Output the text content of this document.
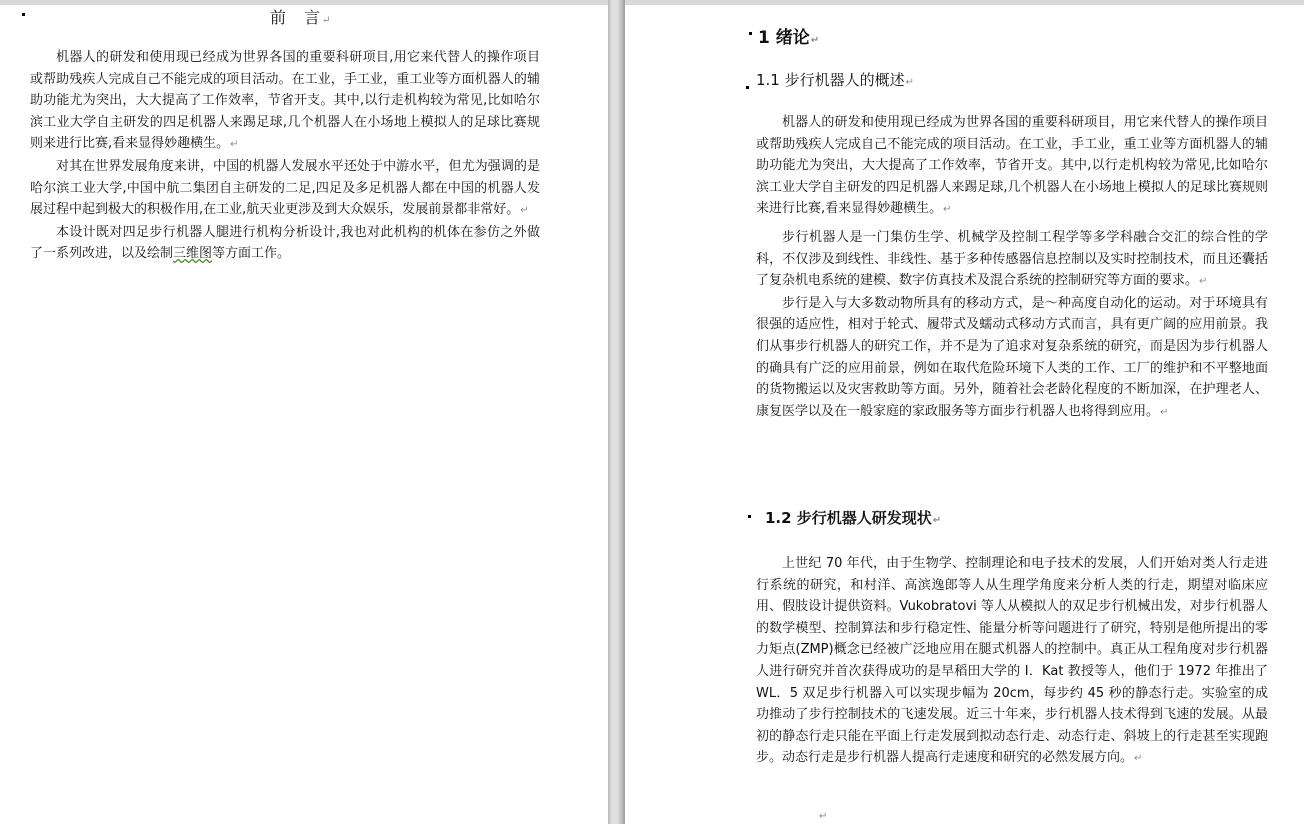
前　言↵

机器人的研发和使用现已经成为世界各国的重要科研项目,用它来代替人的操作项目或帮助残疾人完成自己不能完成的项目活动。在工业，手工业，重工业等方面机器人的辅助功能尤为突出，大大提高了工作效率，节省开支。其中,以行走机构较为常见,比如哈尔滨工业大学自主研发的四足机器人来踢足球,几个机器人在小场地上模拟人的足球比赛规则来进行比赛,看来显得妙趣横生。↵

对其在世界发展角度来讲，中国的机器人发展水平还处于中游水平，但尤为强调的是哈尔滨工业大学,中国中航二集团自主研发的二足,四足及多足机器人都在中国的机器人发展过程中起到极大的积极作用,在工业,航天业更涉及到大众娱乐，发展前景都非常好。↵

本设计既对四足步行机器人腿进行机构分析设计,我也对此机构的机体在参仿之外做了一系列改进，以及绘制三维图等方面工作。

1 绪论↵
1.1 步行机器人的概述↵

机器人的研发和使用现已经成为世界各国的重要科研项目，用它来代替人的操作项目或帮助残疾人完成自己不能完成的项目活动。在工业，手工业，重工业等方面机器人的辅助功能尤为突出，大大提高了工作效率，节省开支。其中,以行走机构较为常见,比如哈尔滨工业大学自主研发的四足机器人来踢足球,几个机器人在小场地上模拟人的足球比赛规则来进行比赛,看来显得妙趣横生。↵

步行机器人是一门集仿生学、机械学及控制工程学等多学科融合交汇的综合性的学科，不仅涉及到线性、非线性、基于多种传感器信息控制以及实时控制技术，而且还囊括了复杂机电系统的建模、数字仿真技术及混合系统的控制研究等方面的要求。↵

步行是入与大多数动物所具有的移动方式，是～种高度自动化的运动。对于环境具有很强的适应性，相对于轮式、履带式及蠕动式移动方式而言，具有更广阔的应用前景。我们从事步行机器人的研究工作，并不是为了追求对复杂系统的研究，而是因为步行机器人的确具有广泛的应用前景，例如在取代危险环境下人类的工作、工厂的维护和不平整地面的货物搬运以及灾害救助等方面。另外，随着社会老龄化程度的不断加深，在护理老人、康复医学以及在一般家庭的家政服务等方面步行机器人也将得到应用。↵

1.2 步行机器人研发现状↵

上世纪 70 年代，由于生物学、控制理论和电子技术的发展，人们开始对类人行走进行系统的研究，和村洋、高滨逸郎等人从生理学角度来分析人类的行走，期望对临床应用、假肢设计提供资料。Vukobratovi 等人从模拟人的双足步行机械出发，对步行机器人的数学模型、控制算法和步行稳定性、能量分析等问题进行了研究，特别是他所提出的零力矩点(ZMP)概念已经被广泛地应用在腿式机器人的控制中。真正从工程角度对步行机器人进行研究并首次获得成功的是早稻田大学的 I．Kat 教授等人，他们于 1972 年推出了 WL．5 双足步行机器入可以实现步幅为 20cm，每步约 45 秒的静态行走。实验室的成功推动了步行控制技术的飞速发展。近三十年来，步行机器人技术得到飞速的发展。从最初的静态行走只能在平面上行走发展到拟动态行走、动态行走、斜坡上的行走甚至实现跑步。动态行走是步行机器人提高行走速度和研究的必然发展方向。↵

↵
